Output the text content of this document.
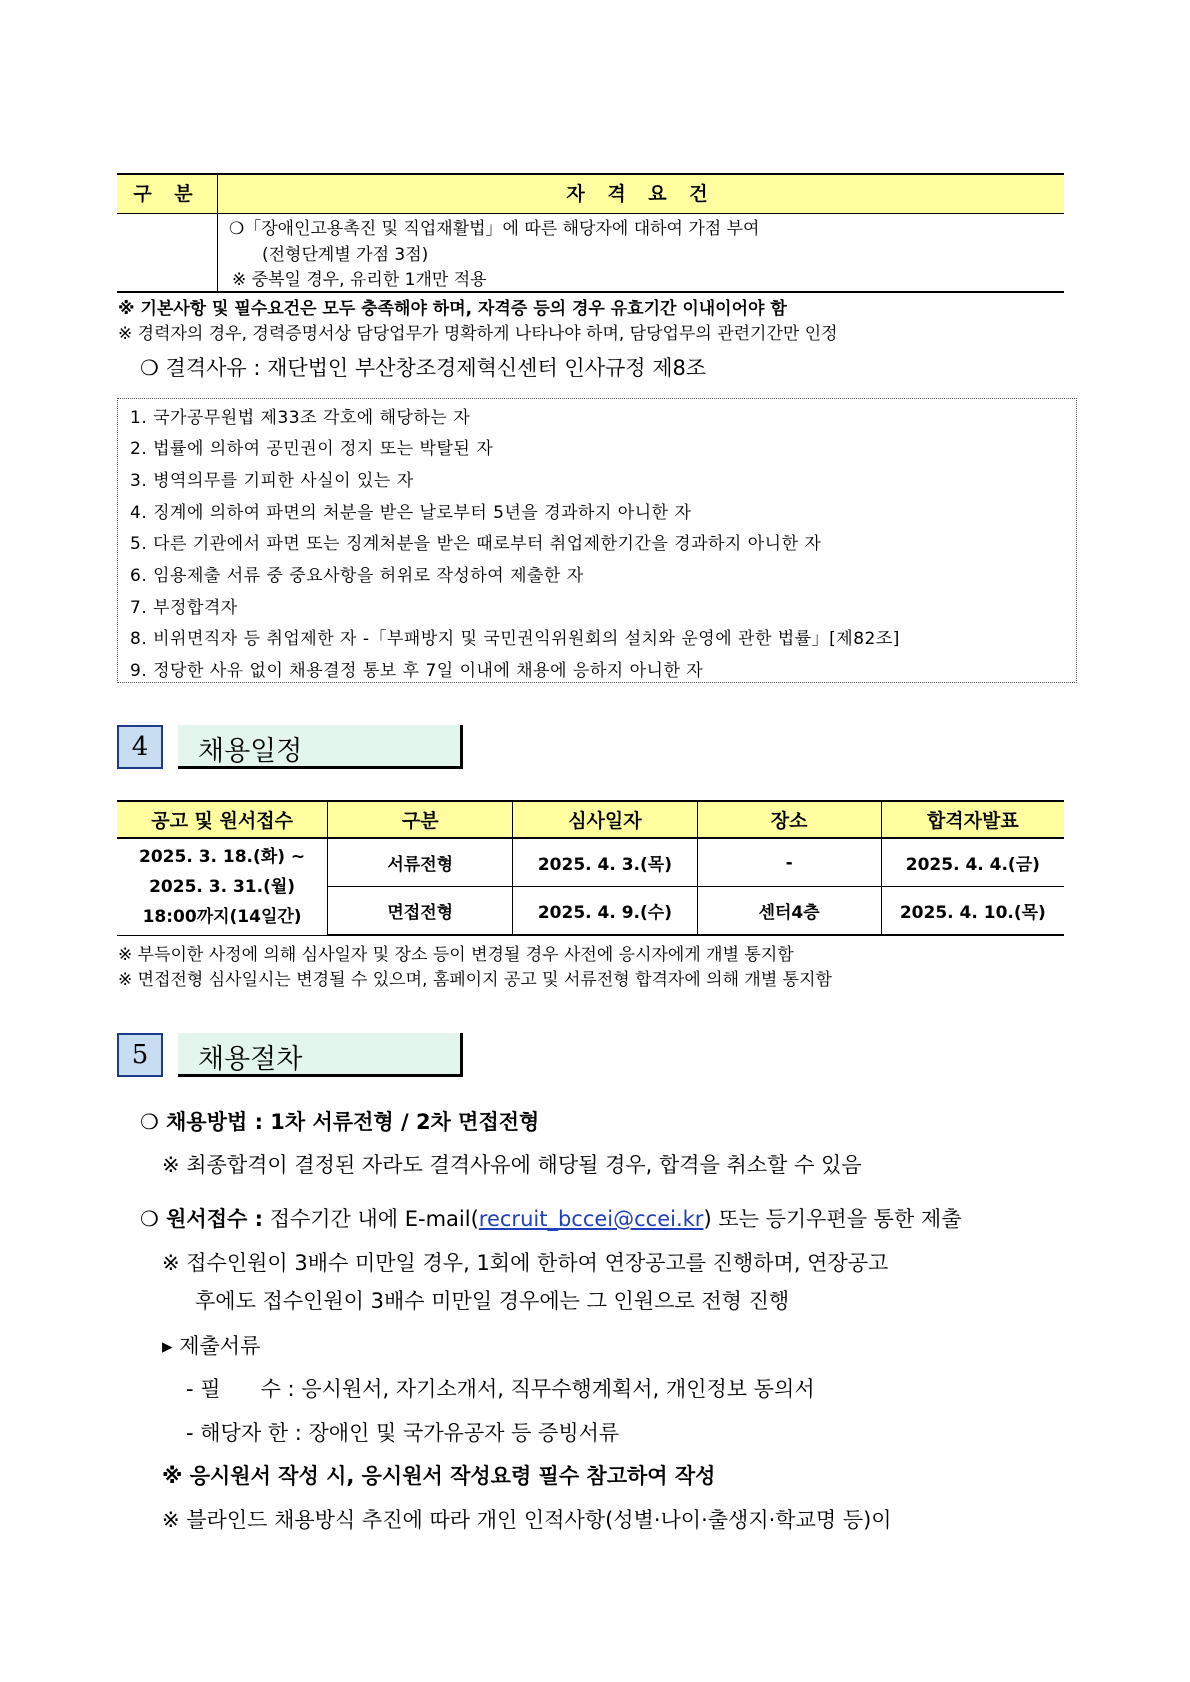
구 분	자 격 요 건
❍「장애인고용촉진 및 직업재활법」에 따른 해당자에 대하여 가점 부여
(전형단계별 가점 3점)
※ 중복일 경우, 유리한 1개만 적용
※ 기본사항 및 필수요건은 모두 충족해야 하며, 자격증 등의 경우 유효기간 이내이어야 함
※ 경력자의 경우, 경력증명서상 담당업무가 명확하게 나타나야 하며, 담당업무의 관련기간만 인정
❍ 결격사유 : 재단법인 부산창조경제혁신센터 인사규정 제8조
1. 국가공무원법 제33조 각호에 해당하는 자
2. 법률에 의하여 공민권이 정지 또는 박탈된 자
3. 병역의무를 기피한 사실이 있는 자
4. 징계에 의하여 파면의 처분을 받은 날로부터 5년을 경과하지 아니한 자
5. 다른 기관에서 파면 또는 징계처분을 받은 때로부터 취업제한기간을 경과하지 아니한 자
6. 임용제출 서류 중 중요사항을 허위로 작성하여 제출한 자
7. 부정합격자
8. 비위면직자 등 취업제한 자 -「부패방지 및 국민권익위원회의 설치와 운영에 관한 법률」[제82조]
9. 정당한 사유 없이 채용결정 통보 후 7일 이내에 채용에 응하지 아니한 자
4	채용일정
공고 및 원서접수	구분	심사일자	장소	합격자발표

2025. 3. 18.(화) ~
2025. 3. 31.(월)
18:00까지(14일간)	서류전형	2025. 4. 3.(목)	-	2025. 4. 4.(금)
	면접전형	2025. 4. 9.(수)	센터4층	2025. 4. 10.(목)
※ 부득이한 사정에 의해 심사일자 및 장소 등이 변경될 경우 사전에 응시자에게 개별 통지함
※ 면접전형 심사일시는 변경될 수 있으며, 홈페이지 공고 및 서류전형 합격자에 의해 개별 통지함
5	채용절차
❍ 채용방법 : 1차 서류전형 / 2차 면접전형
※ 최종합격이 결정된 자라도 결격사유에 해당될 경우, 합격을 취소할 수 있음
❍ 원서접수 : 접수기간 내에 E-mail(recruit_bccei@ccei.kr) 또는 등기우편을 통한 제출
※ 접수인원이 3배수 미만일 경우, 1회에 한하여 연장공고를 진행하며, 연장공고
후에도 접수인원이 3배수 미만일 경우에는 그 인원으로 전형 진행
▸ 제출서류
- 필      수 : 응시원서, 자기소개서, 직무수행계획서, 개인정보 동의서
- 해당자 한 : 장애인 및 국가유공자 등 증빙서류
※ 응시원서 작성 시, 응시원서 작성요령 필수 참고하여 작성
※ 블라인드 채용방식 추진에 따라 개인 인적사항(성별·나이·출생지·학교명 등)이
